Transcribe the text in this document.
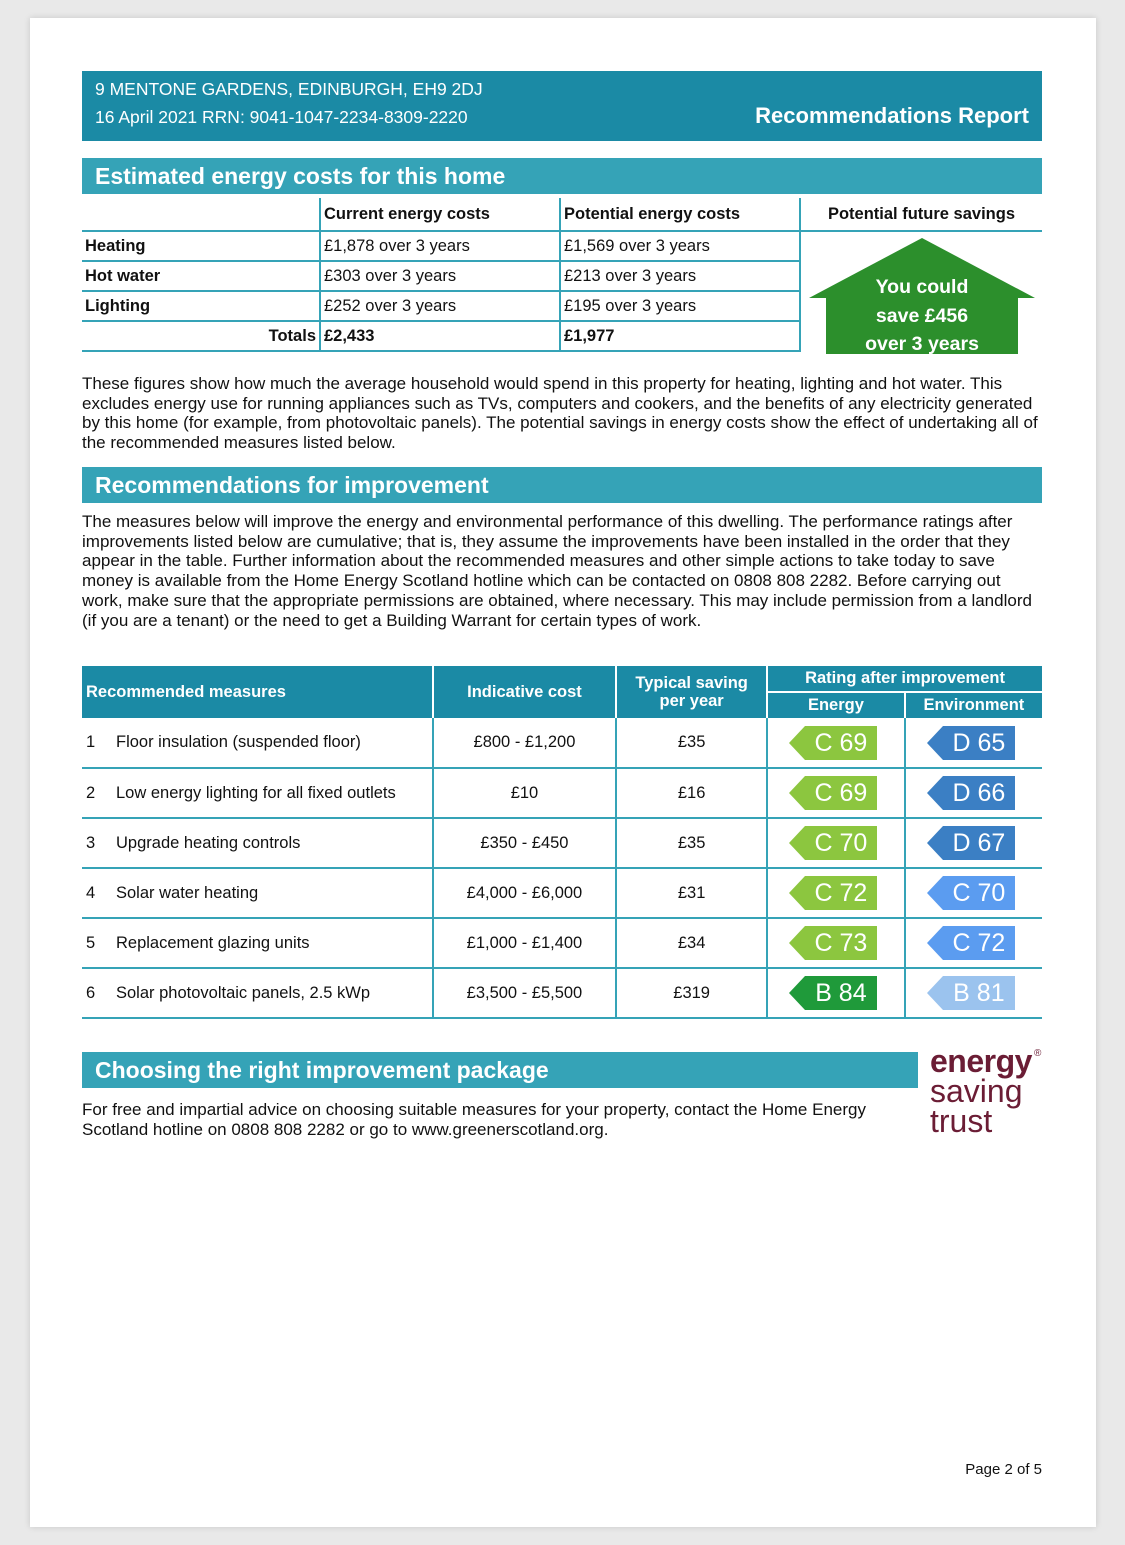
9 MENTONE GARDENS, EDINBURGH, EH9 2DJ
16 April 2021 RRN: 9041-1047-2234-8309-2220	Recommendations Report
Estimated energy costs for this home
	Current energy costs	Potential energy costs	Potential future savings
Heating	£1,878 over 3 years	£1,569 over 3 years	
Hot water	£303 over 3 years	£213 over 3 years	
Lighting	£252 over 3 years	£195 over 3 years	
Totals	£2,433	£1,977	
You could
save £456
over 3 years
These figures show how much the average household would spend in this property for heating, lighting and hot water. This excludes energy use for running appliances such as TVs, computers and cookers, and the benefits of any electricity generated by this home (for example, from photovoltaic panels). The potential savings in energy costs show the effect of undertaking all of the recommended measures listed below.
Recommendations for improvement
The measures below will improve the energy and environmental performance of this dwelling. The performance ratings after improvements listed below are cumulative; that is, they assume the improvements have been installed in the order that they appear in the table. Further information about the recommended measures and other simple actions to take today to save money is available from the Home Energy Scotland hotline which can be contacted on 0808 808 2282. Before carrying out work, make sure that the appropriate permissions are obtained, where necessary. This may include permission from a landlord (if you are a tenant) or the need to get a Building Warrant for certain types of work.
Recommended measures	Indicative cost	Typical saving
per year	Rating after improvement	
			Energy	Environment
1 Floor insulation (suspended floor)	£800 - £1,200	£35	C 69	D 65
2 Low energy lighting for all fixed outlets	£10	£16	C 69	D 66
3 Upgrade heating controls	£350 - £450	£35	C 70	D 67
4 Solar water heating	£4,000 - £6,000	£31	C 72	C 70
5 Replacement glazing units	£1,000 - £1,400	£34	C 73	C 72
6 Solar photovoltaic panels, 2.5 kWp	£3,500 - £5,500	£319	B 84	B 81
Choosing the right improvement package
For free and impartial advice on choosing suitable measures for your property, contact the Home Energy Scotland hotline on 0808 808 2282 or go to www.greenerscotland.org.
energy
saving
trust
®
Page 2 of 5
